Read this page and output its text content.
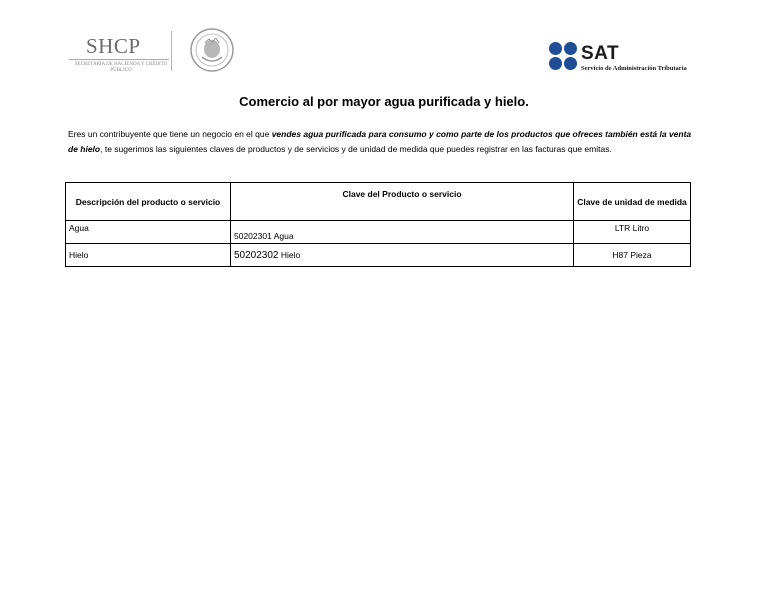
SHCP
SECRETARÍA DE HACIENDA Y CRÉDITO PÚBLICO
SAT
Servicio de Administración Tributaria
Comercio al por mayor agua purificada y hielo.
Eres un contribuyente que tiene un negocio en el que vendes agua purificada para consumo y como parte de los productos que ofreces también está la venta de hielo, te sugerimos las siguientes claves de productos y de servicios y de unidad de medida que puedes registrar en las facturas que emitas.
Descripción del producto o servicio	Clave del Producto o servicio	Clave de unidad de medida
Agua	50202301 Agua	LTR Litro
Hielo	50202302 Hielo	H87 Pieza
